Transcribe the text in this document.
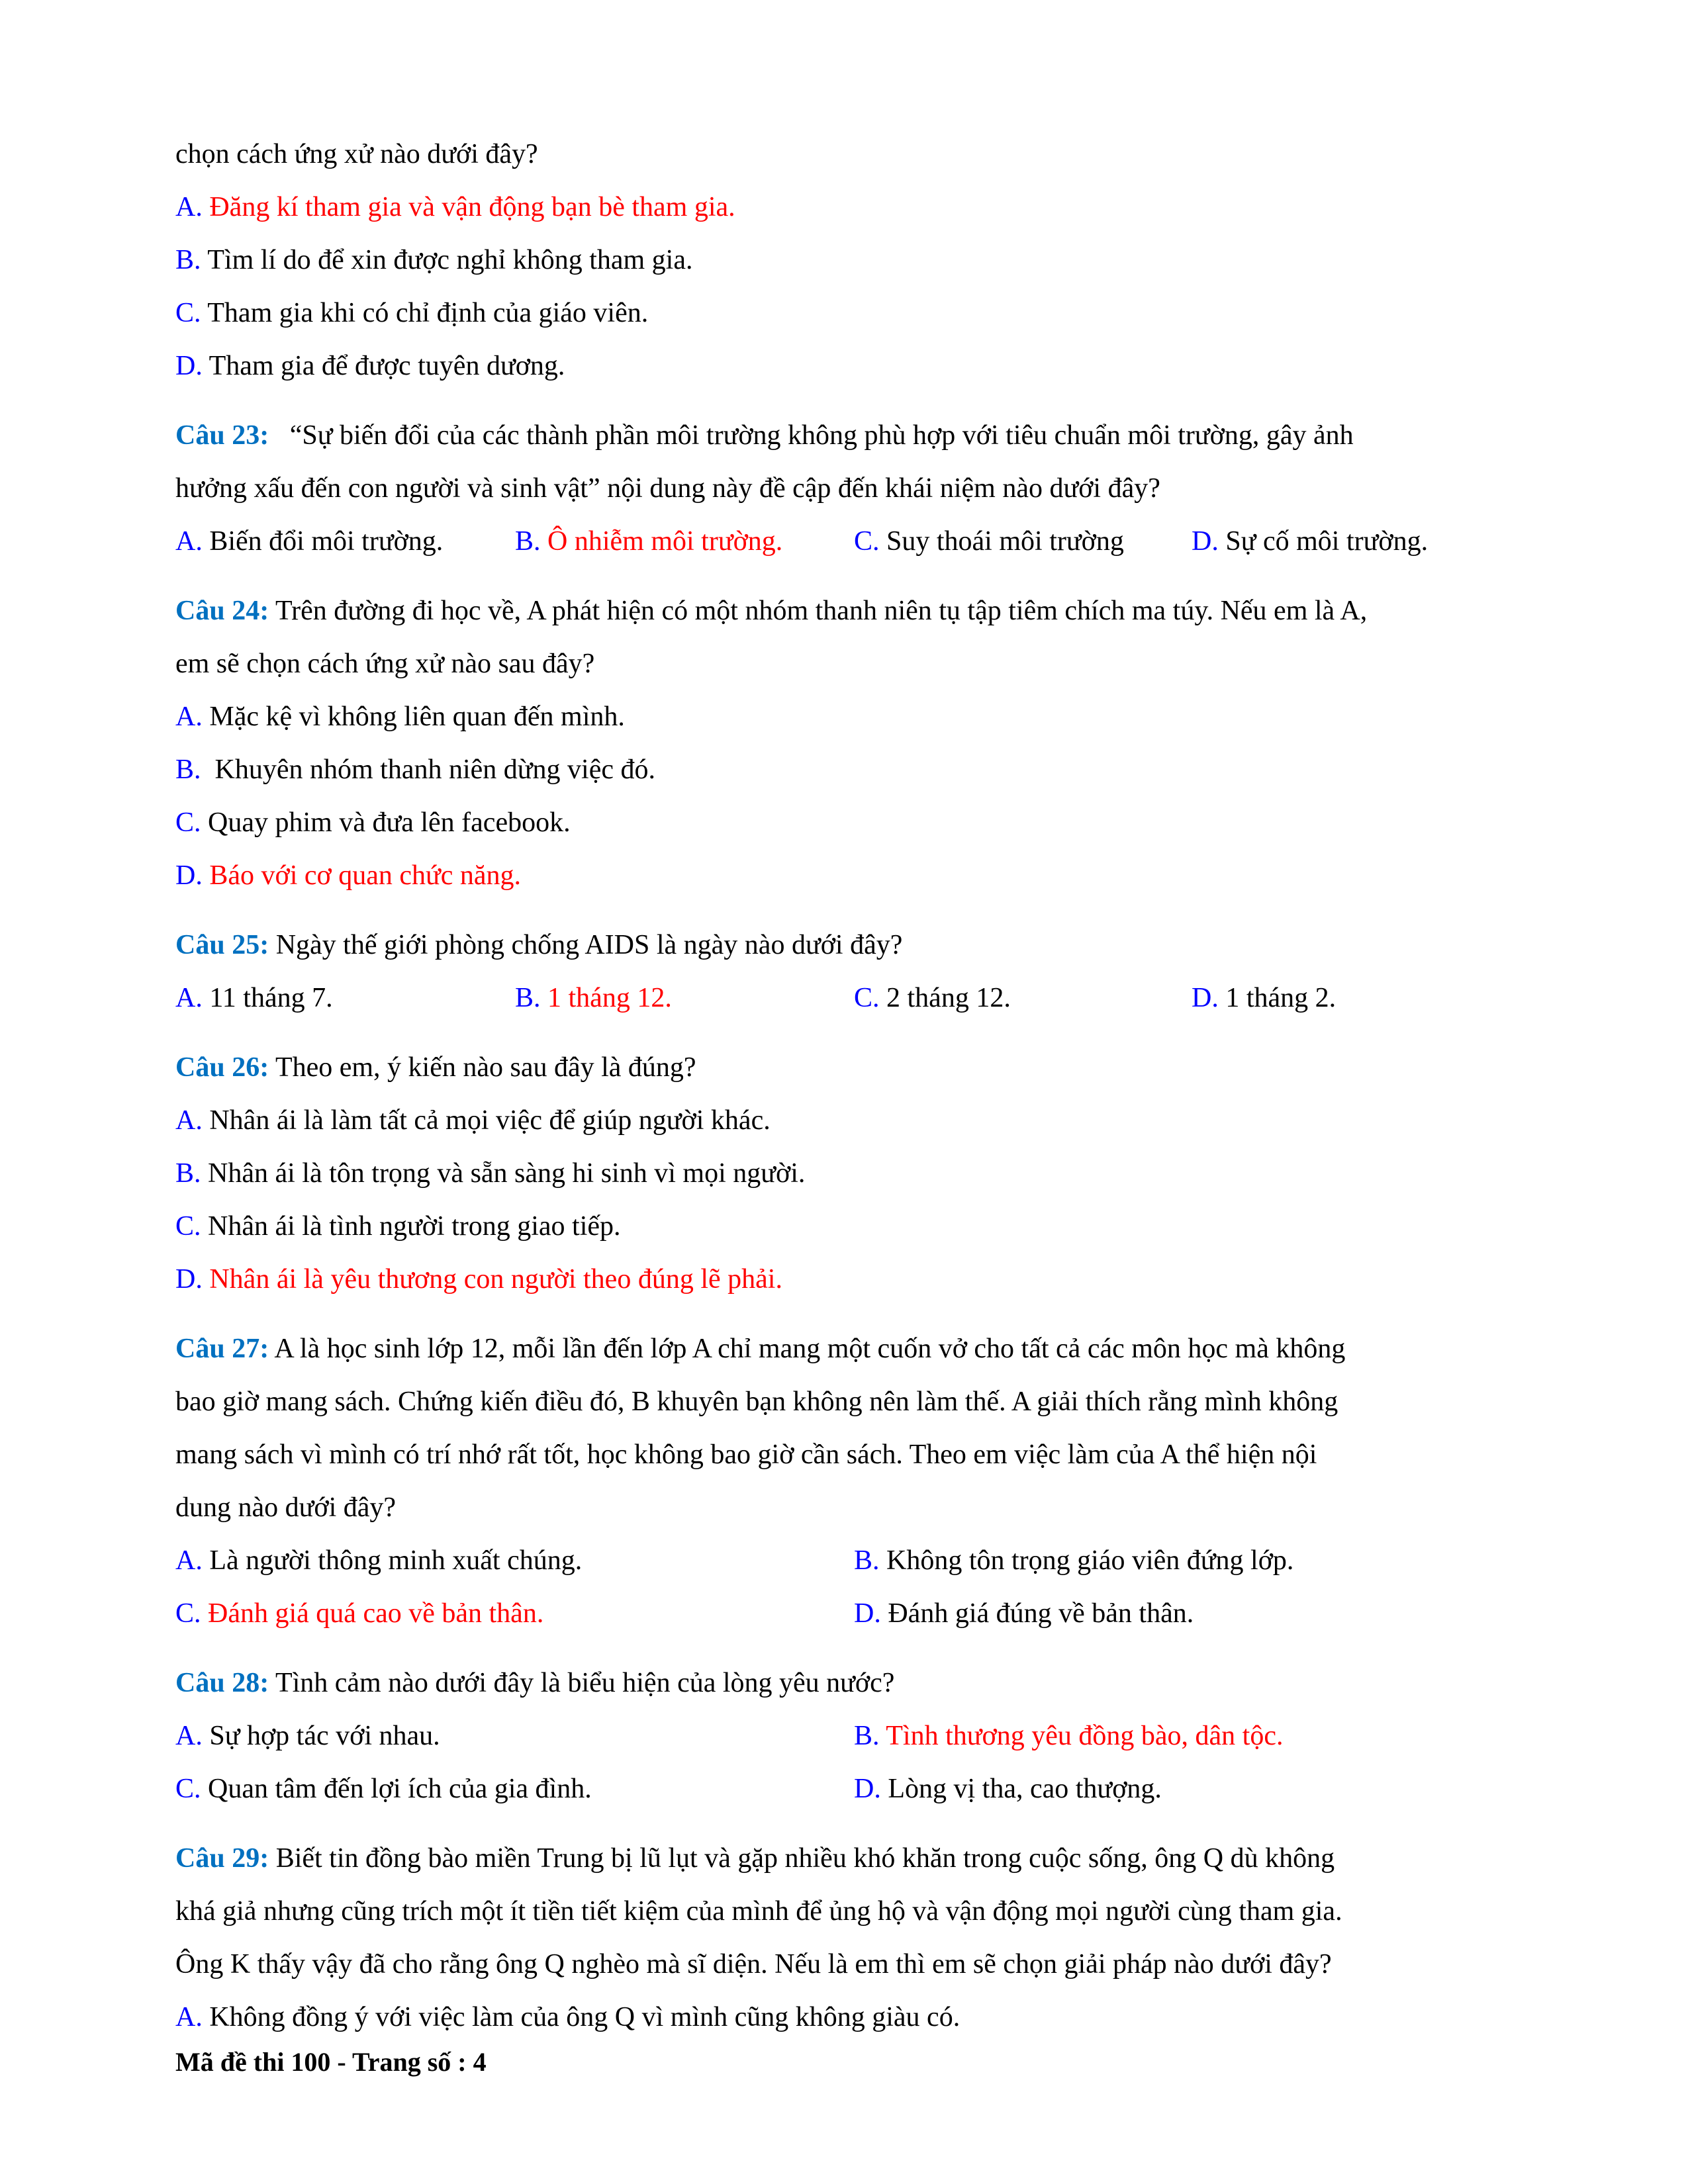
chọn cách ứng xử nào dưới đây?
A. Đăng kí tham gia và vận động bạn bè tham gia.
B. Tìm lí do để xin được nghỉ không tham gia.
C. Tham gia khi có chỉ định của giáo viên.
D. Tham gia để được tuyên dương.
Câu 23: “Sự biến đổi của các thành phần môi trường không phù hợp với tiêu chuẩn môi trường, gây ảnh
hưởng xấu đến con người và sinh vật” nội dung này đề cập đến khái niệm nào dưới đây?
A. Biến đổi môi trường.	B. Ô nhiễm môi trường.	C. Suy thoái môi trường D. Sự cố môi trường.
Câu 24: Trên đường đi học về, A phát hiện có một nhóm thanh niên tụ tập tiêm chích ma túy. Nếu em là A,
em sẽ chọn cách ứng xử nào sau đây?
A. Mặc kệ vì không liên quan đến mình.
B. Khuyên nhóm thanh niên dừng việc đó.
C. Quay phim và đưa lên facebook.
D. Báo với cơ quan chức năng.
Câu 25: Ngày thế giới phòng chống AIDS là ngày nào dưới đây?
A. 11 tháng 7.	B. 1 tháng 12.	C. 2 tháng 12.	D. 1 tháng 2.
Câu 26: Theo em, ý kiến nào sau đây là đúng?
A. Nhân ái là làm tất cả mọi việc để giúp người khác.
B. Nhân ái là tôn trọng và sẵn sàng hi sinh vì mọi người.
C. Nhân ái là tình người trong giao tiếp.
D. Nhân ái là yêu thương con người theo đúng lẽ phải.
Câu 27: A là học sinh lớp 12, mỗi lần đến lớp A chỉ mang một cuốn vở cho tất cả các môn học mà không
bao giờ mang sách. Chứng kiến điều đó, B khuyên bạn không nên làm thế. A giải thích rằng mình không
mang sách vì mình có trí nhớ rất tốt, học không bao giờ cần sách. Theo em việc làm của A thể hiện nội
dung nào dưới đây?
A. Là người thông minh xuất chúng.	B. Không tôn trọng giáo viên đứng lớp.
C. Đánh giá quá cao về bản thân.	D. Đánh giá đúng về bản thân.
Câu 28: Tình cảm nào dưới đây là biểu hiện của lòng yêu nước?
A. Sự hợp tác với nhau.	B. Tình thương yêu đồng bào, dân tộc.
C. Quan tâm đến lợi ích của gia đình.	D. Lòng vị tha, cao thượng.
Câu 29: Biết tin đồng bào miền Trung bị lũ lụt và gặp nhiều khó khăn trong cuộc sống, ông Q dù không
khá giả nhưng cũng trích một ít tiền tiết kiệm của mình để ủng hộ và vận động mọi người cùng tham gia.
Ông K thấy vậy đã cho rằng ông Q nghèo mà sĩ diện. Nếu là em thì em sẽ chọn giải pháp nào dưới đây?
A. Không đồng ý với việc làm của ông Q vì mình cũng không giàu có.
Mã đề thi 100 - Trang số : 4
